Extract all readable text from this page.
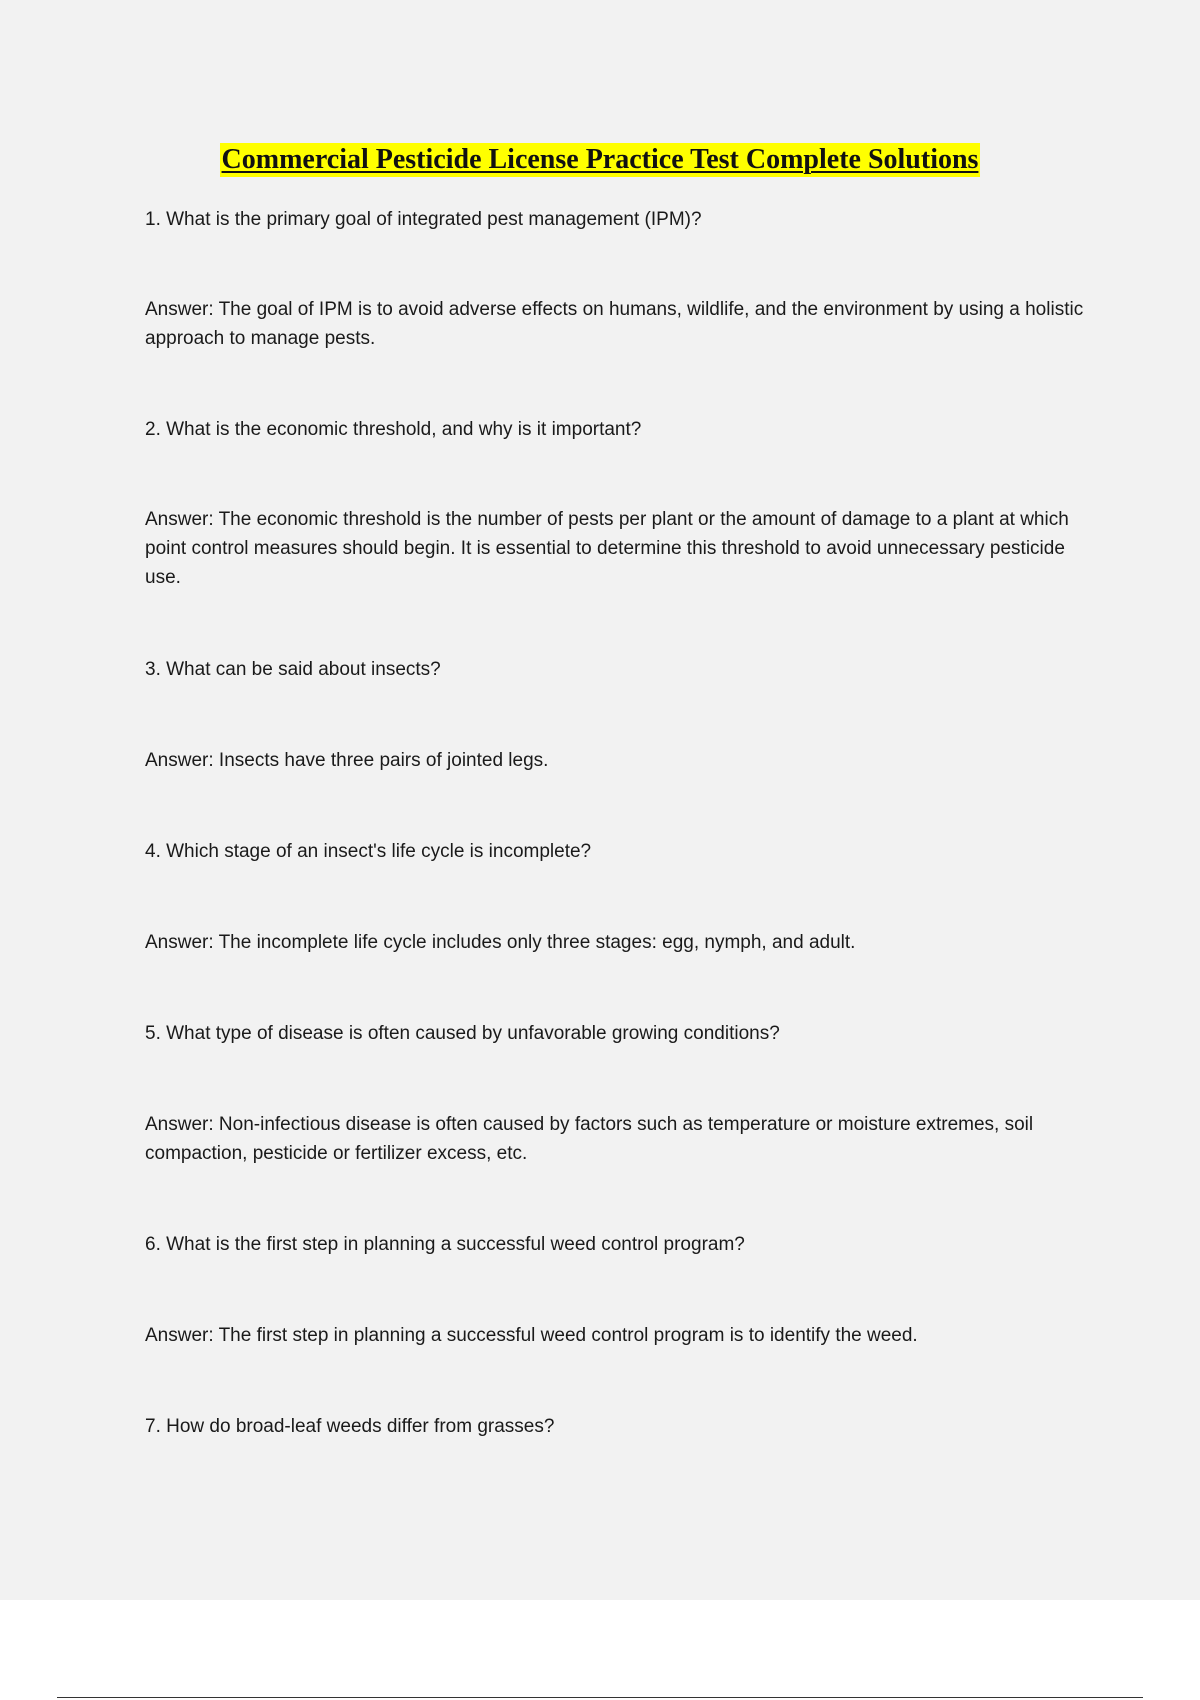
Commercial Pesticide License Practice Test Complete Solutions

1. What is the primary goal of integrated pest management (IPM)?

Answer: The goal of IPM is to avoid adverse effects on humans, wildlife, and the environment by using a holistic approach to manage pests.

2. What is the economic threshold, and why is it important?

Answer: The economic threshold is the number of pests per plant or the amount of damage to a plant at which point control measures should begin. It is essential to determine this threshold to avoid unnecessary pesticide use.

3. What can be said about insects?

Answer: Insects have three pairs of jointed legs.

4. Which stage of an insect's life cycle is incomplete?

Answer: The incomplete life cycle includes only three stages: egg, nymph, and adult.

5. What type of disease is often caused by unfavorable growing conditions?

Answer: Non-infectious disease is often caused by factors such as temperature or moisture extremes, soil compaction, pesticide or fertilizer excess, etc.

6. What is the first step in planning a successful weed control program?

Answer: The first step in planning a successful weed control program is to identify the weed.

7. How do broad-leaf weeds differ from grasses?
